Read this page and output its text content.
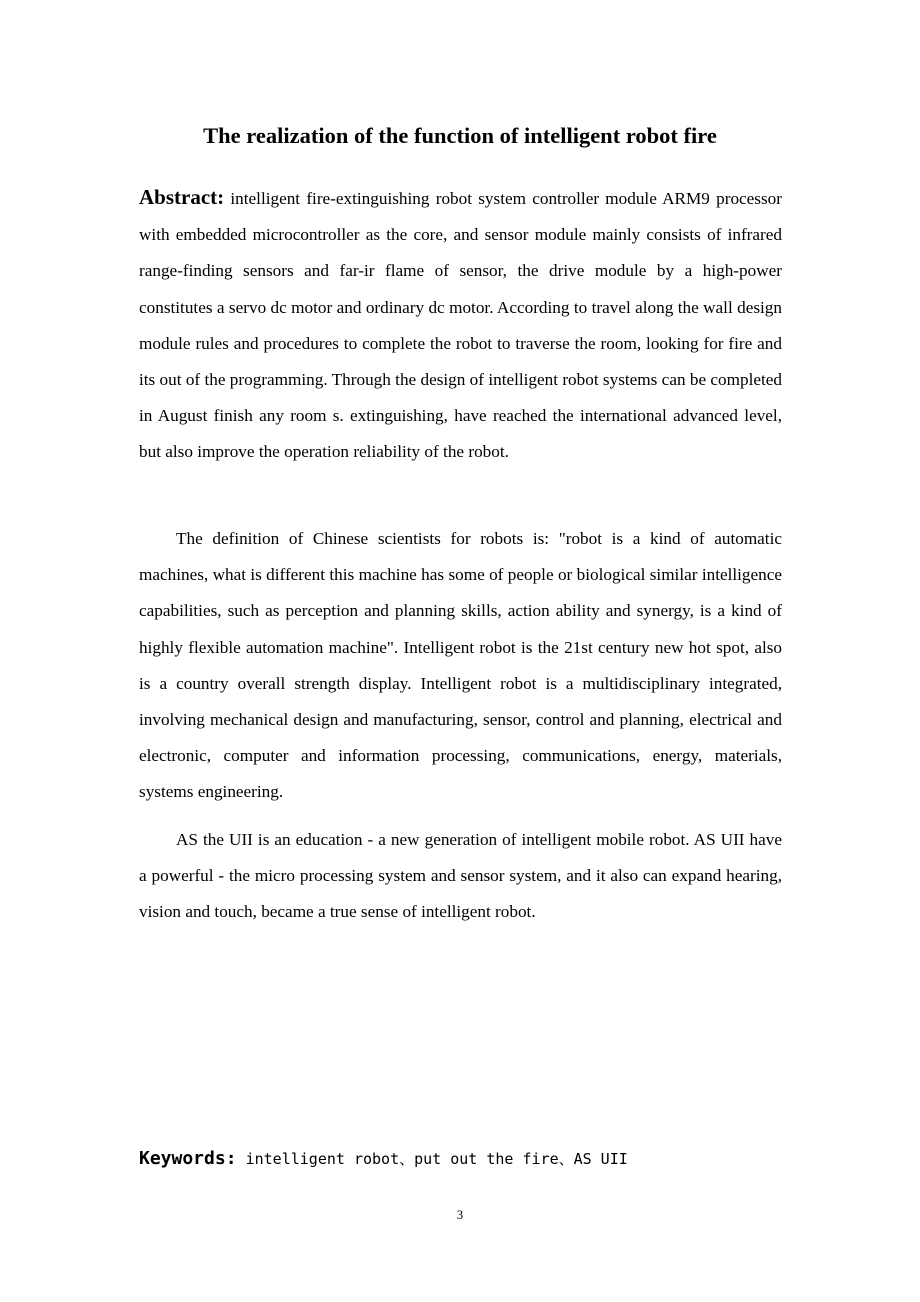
The realization of the function of intelligent robot fire

Abstract: intelligent fire-extinguishing robot system controller module ARM9 processor with embedded microcontroller as the core, and sensor module mainly consists of infrared range-finding sensors and far-ir flame of sensor, the drive module by a high-power constitutes a servo dc motor and ordinary dc motor. According to travel along the wall design module rules and procedures to complete the robot to traverse the room, looking for fire and its out of the programming. Through the design of intelligent robot systems can be completed in August finish any room s. extinguishing, have reached the international advanced level, but also improve the operation reliability of the robot.

The definition of Chinese scientists for robots is: "robot is a kind of automatic machines, what is different this machine has some of people or biological similar intelligence capabilities, such as perception and planning skills, action ability and synergy, is a kind of highly flexible automation machine". Intelligent robot is the 21st century new hot spot, also is a country overall strength display. Intelligent robot is a multidisciplinary integrated, involving mechanical design and manufacturing, sensor, control and planning, electrical and electronic, computer and information processing, communications, energy, materials, systems engineering.

AS the UII is an education - a new generation of intelligent mobile robot. AS UII have a powerful - the micro processing system and sensor system, and it also can expand hearing, vision and touch, became a true sense of intelligent robot.

Keywords: intelligent robot、put out the fire、AS UII

3
